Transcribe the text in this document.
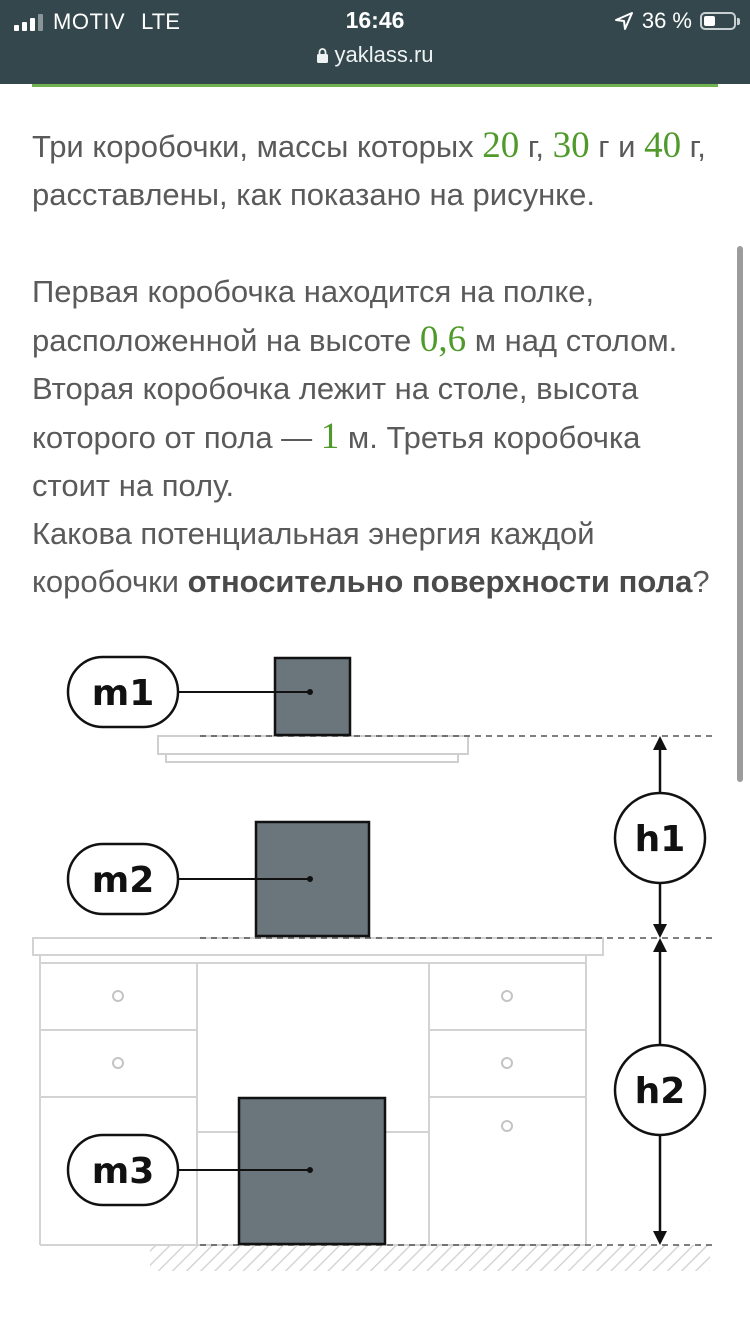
MOTIV LTE	16:46	36 %
yaklass.ru
Три коробочки, массы которых 20 г, 30 г и 40 г, расставлены, как показано на рисунке.
Первая коробочка находится на полке, расположенной на высоте 0,6 м над столом. Вторая коробочка лежит на столе, высота которого от пола — 1 м. Третья коробочка стоит на полу.
Какова потенциальная энергия каждой коробочки относительно поверхности пола?
m1
m2
m3
h1
h2
